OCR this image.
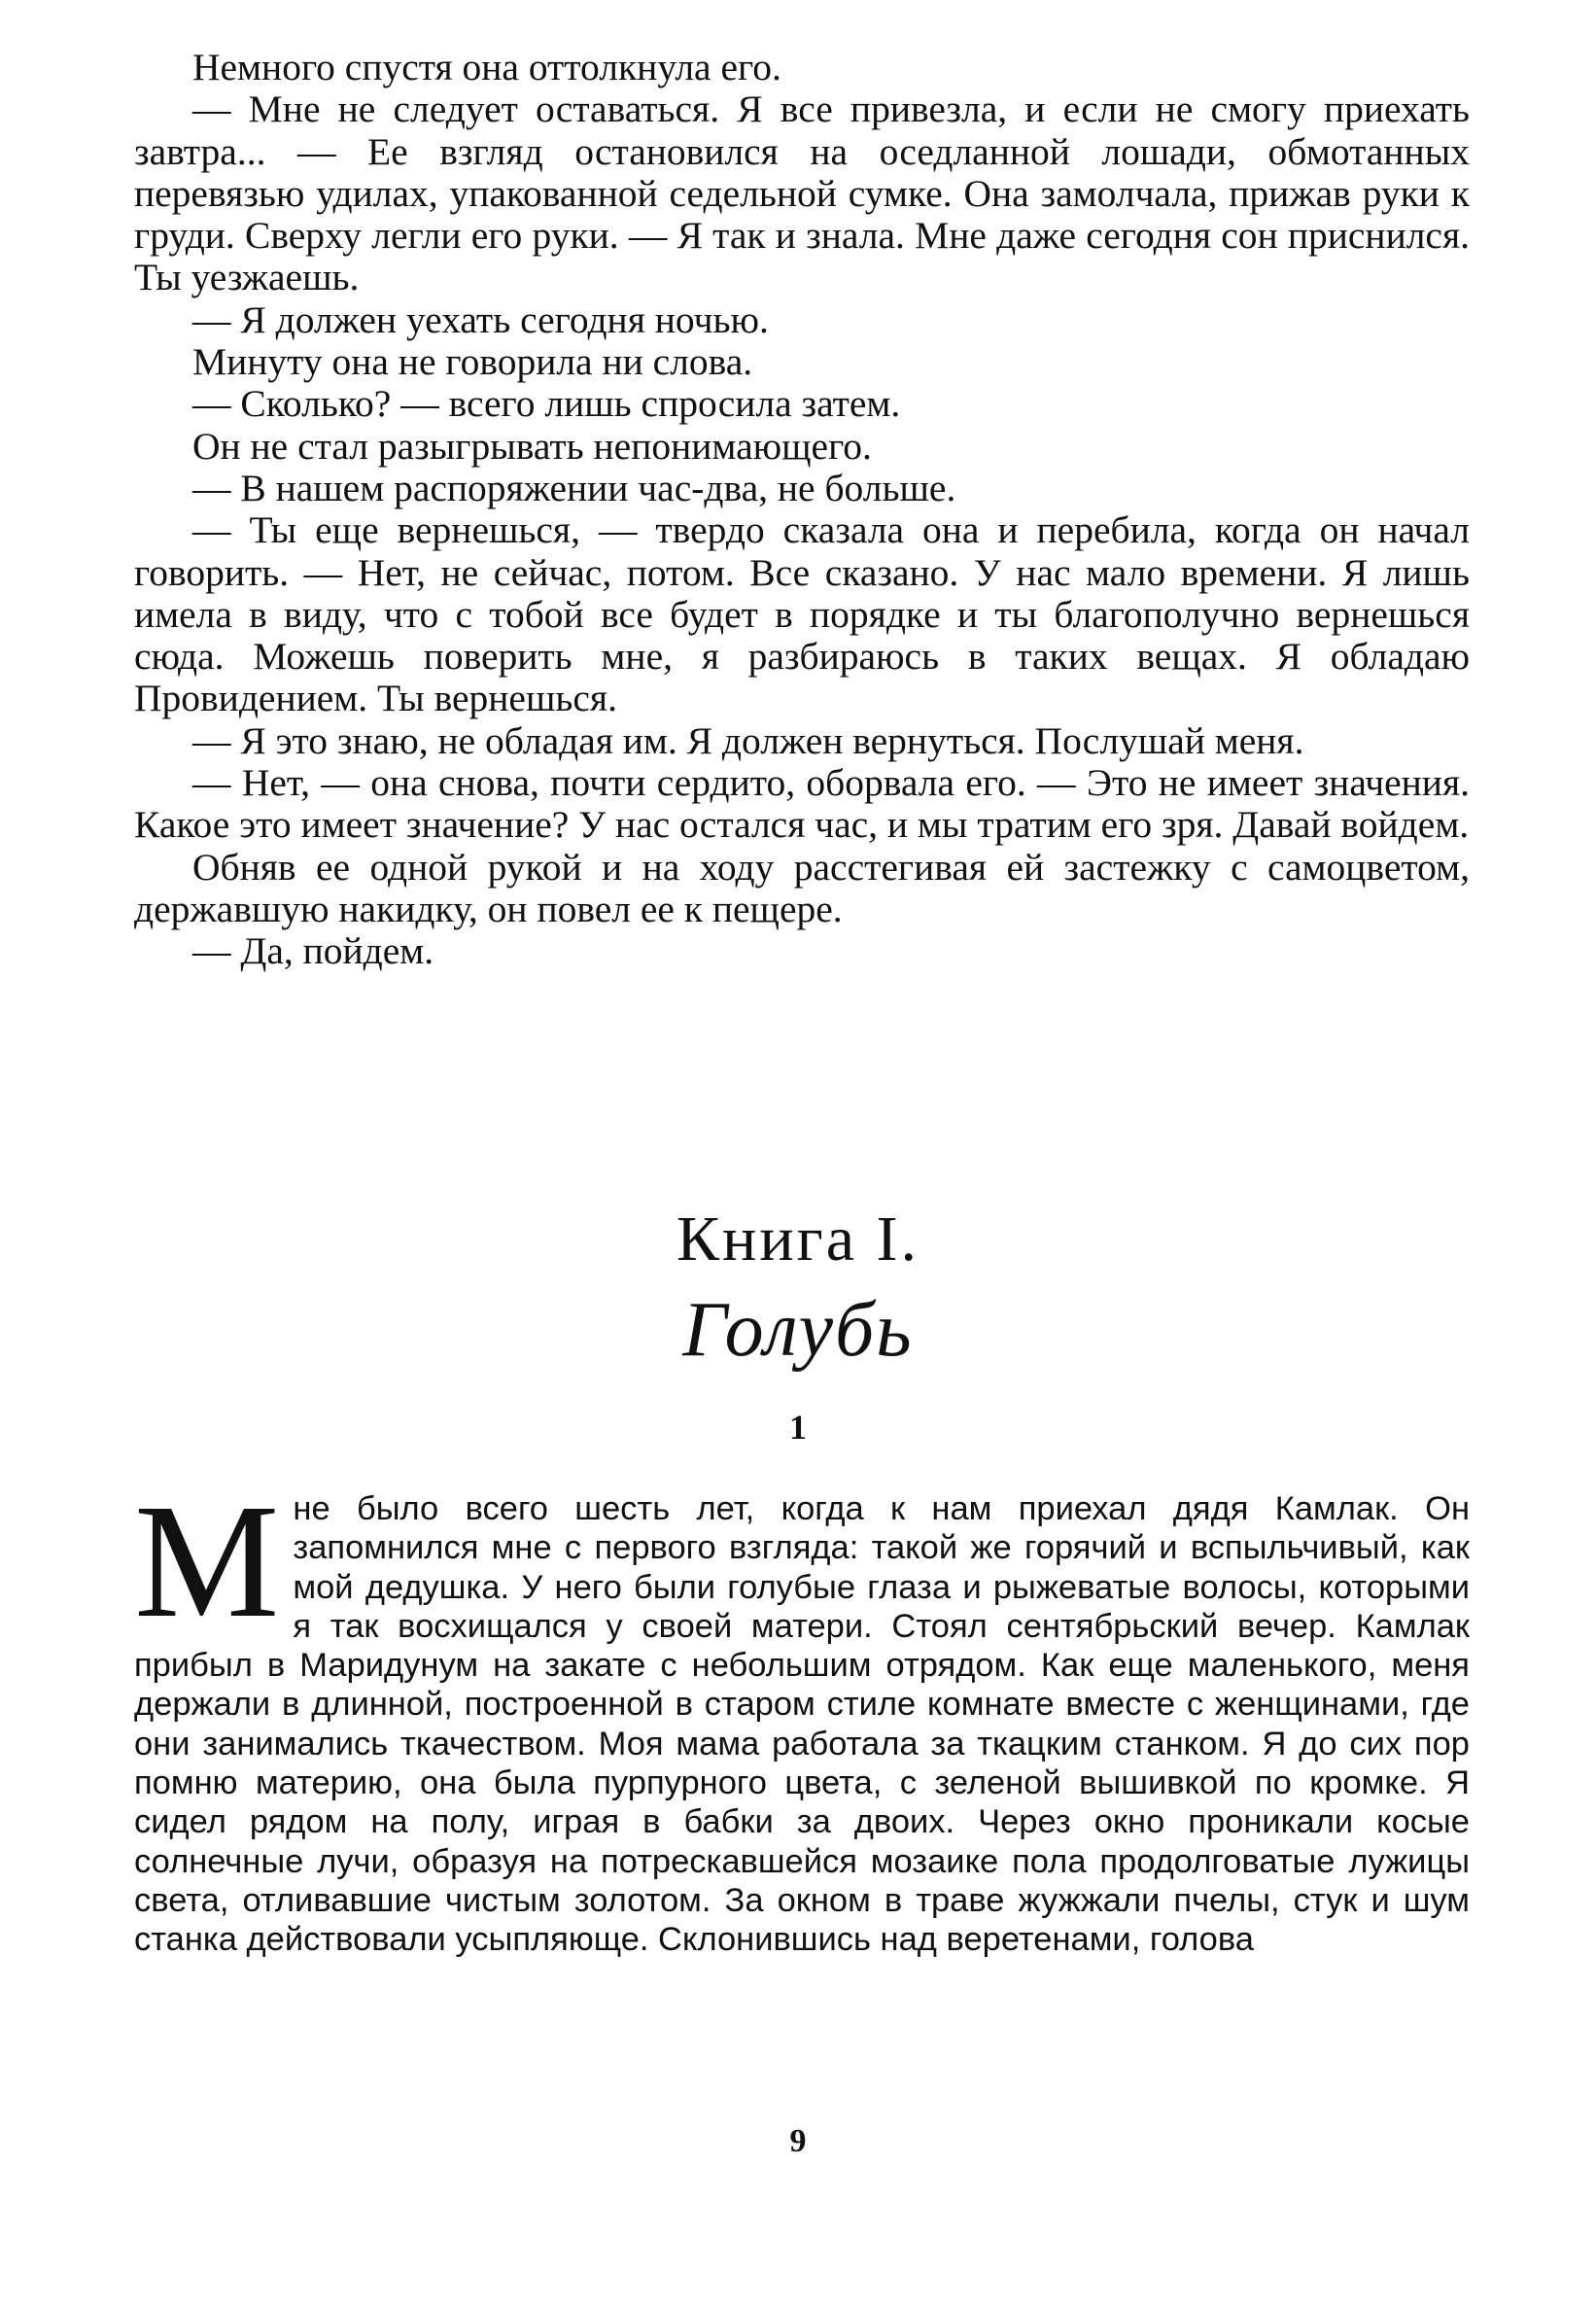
Немного спустя она оттолкнула его.

— Мне не следует оставаться. Я все привезла, и если не смогу приехать завтра... — Ее взгляд остановился на оседланной лошади, обмотанных перевязью удилах, упакованной седельной сумке. Она замолчала, прижав руки к груди. Сверху легли его руки. — Я так и знала. Мне даже сегодня сон приснился. Ты уезжаешь.

— Я должен уехать сегодня ночью.

Минуту она не говорила ни слова.

— Сколько? — всего лишь спросила затем.

Он не стал разыгрывать непонимающего.

— В нашем распоряжении час-два, не больше.

— Ты еще вернешься, — твердо сказала она и перебила, когда он начал говорить. — Нет, не сейчас, потом. Все сказано. У нас мало времени. Я лишь имела в виду, что с тобой все будет в порядке и ты благополучно вернешься сюда. Можешь поверить мне, я разбираюсь в таких вещах. Я обладаю Провидением. Ты вернешься.

— Я это знаю, не обладая им. Я должен вернуться. Послушай меня.

— Нет, — она снова, почти сердито, оборвала его. — Это не имеет значения. Какое это имеет значение? У нас остался час, и мы тратим его зря. Давай войдем.

Обняв ее одной рукой и на ходу расстегивая ей застежку с самоцветом, державшую накидку, он повел ее к пещере.

— Да, пойдем.

Книга I.
Голубь
1
Мне было всего шесть лет, когда к нам приехал дядя Камлак. Он запомнился мне с первого взгляда: такой же горячий и вспыльчивый, как мой дедушка. У него были голубые глаза и рыжеватые волосы, которыми я так восхищался у своей матери. Стоял сентябрьский вечер. Камлак прибыл в Маридунум на закате с небольшим отрядом. Как еще маленького, меня держали в длинной, построенной в старом стиле комнате вместе с женщинами, где они занимались ткачеством. Моя мама работала за ткацким станком. Я до сих пор помню материю, она была пурпурного цвета, с зеленой вышивкой по кромке. Я сидел рядом на полу, играя в бабки за двоих. Через окно проникали косые солнечные лучи, образуя на потрескавшейся мозаике пола продолговатые лужицы света, отливавшие чистым золотом. За окном в траве жужжали пчелы, стук и шум станка действовали усыпляюще. Склонившись над веретенами, голова
9
